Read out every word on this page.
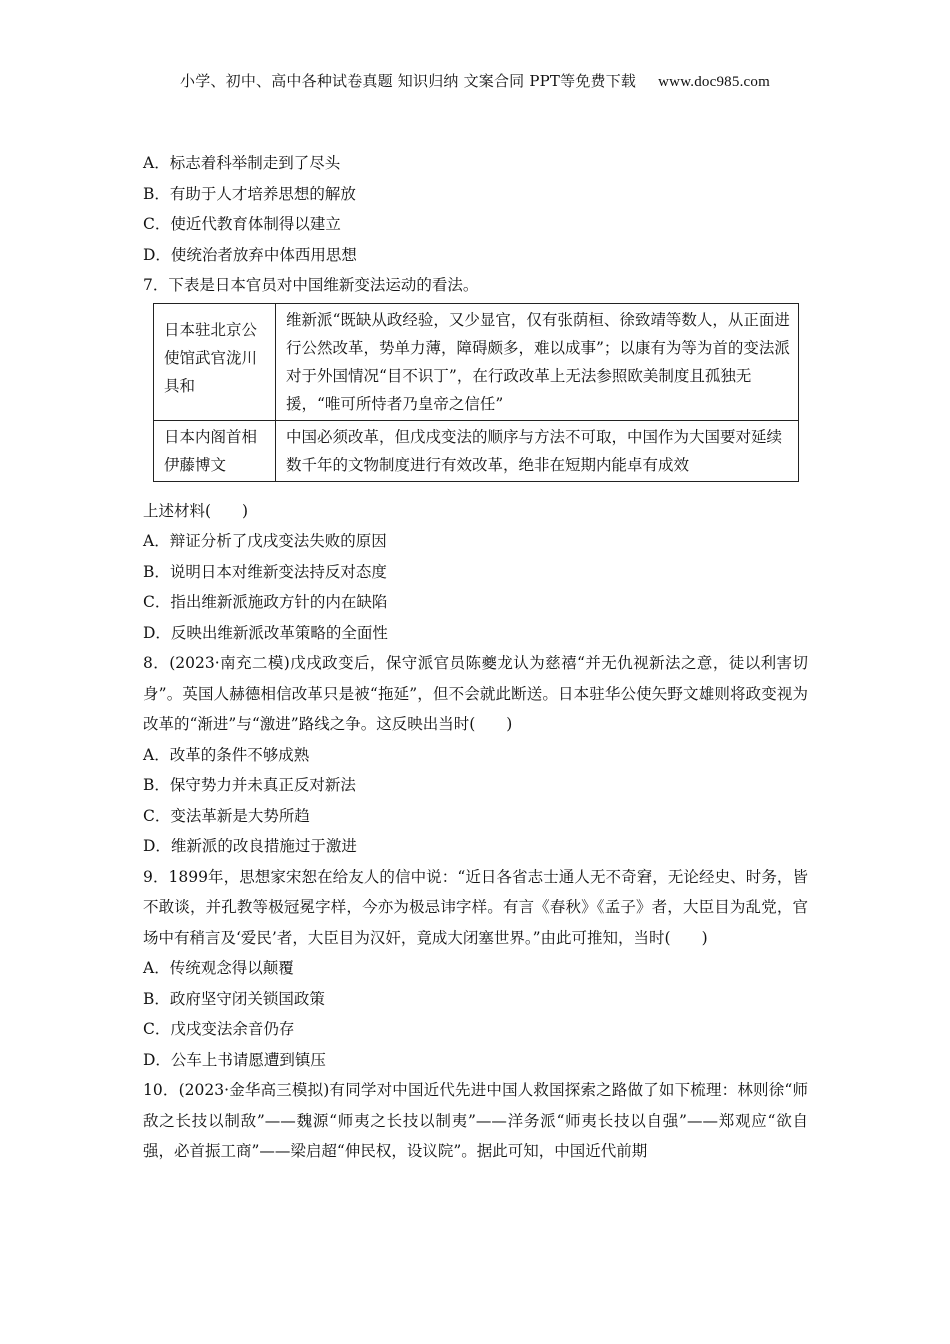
小学、初中、高中各种试卷真题 知识归纳 文案合同 PPT等免费下载 www.doc985.com
A．标志着科举制走到了尽头
B．有助于人才培养思想的解放
C．使近代教育体制得以建立
D．使统治者放弃中体西用思想
7．下表是日本官员对中国维新变法运动的看法。
日本驻北京公使馆武官泷川具和	维新派“既缺从政经验，又少显官，仅有张荫桓、徐致靖等数人，从正面进行公然改革，势单力薄，障碍颇多，难以成事”；以康有为等为首的变法派对于外国情况“目不识丁”，在行政改革上无法参照欧美制度且孤独无援，“唯可所恃者乃皇帝之信任”
日本内阁首相伊藤博文	中国必须改革，但戊戌变法的顺序与方法不可取，中国作为大国要对延续数千年的文物制度进行有效改革，绝非在短期内能卓有成效
上述材料(　　)
A．辩证分析了戊戌变法失败的原因
B．说明日本对维新变法持反对态度
C．指出维新派施政方针的内在缺陷
D．反映出维新派改革策略的全面性
8．(2023·南充二模)戊戌政变后，保守派官员陈夔龙认为慈禧“并无仇视新法之意，徒以利害切身”。英国人赫德相信改革只是被“拖延”，但不会就此断送。日本驻华公使矢野文雄则将政变视为改革的“渐进”与“激进”路线之争。这反映出当时(　　)
A．改革的条件不够成熟
B．保守势力并未真正反对新法
C．变法革新是大势所趋
D．维新派的改良措施过于激进
9．1899年，思想家宋恕在给友人的信中说：“近日各省志士通人无不奇窘，无论经史、时务，皆不敢谈，并孔教等极冠冕字样，今亦为极忌讳字样。有言《春秋》《孟子》者，大臣目为乱党，官场中有稍言及‘爱民’者，大臣目为汉奸，竟成大闭塞世界。”由此可推知，当时(　　)
A．传统观念得以颠覆
B．政府坚守闭关锁国政策
C．戊戌变法余音仍存
D．公车上书请愿遭到镇压
10．(2023·金华高三模拟)有同学对中国近代先进中国人救国探索之路做了如下梳理：林则徐“师敌之长技以制敌”——魏源“师夷之长技以制夷”——洋务派“师夷长技以自强”——郑观应“欲自强，必首振工商”——梁启超“伸民权，设议院”。据此可知，中国近代前期
